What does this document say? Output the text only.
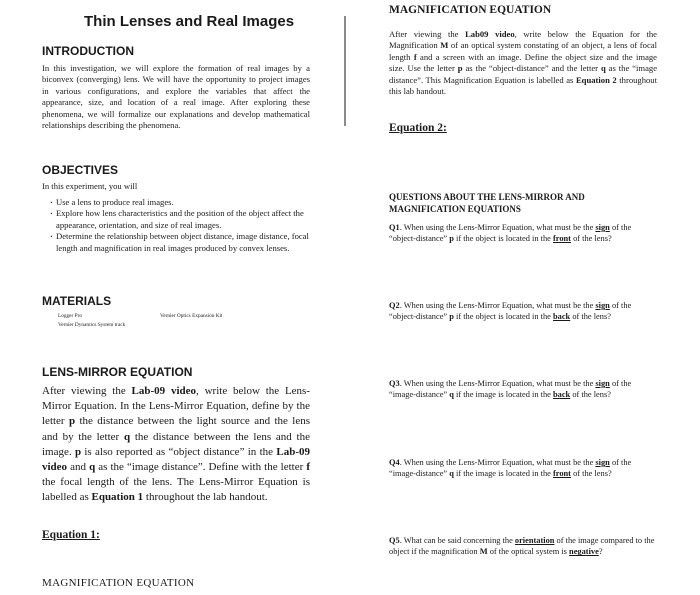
Thin Lenses and Real Images
INTRODUCTION
In this investigation, we will explore the formation of real images by a biconvex (converging) lens. We will have the opportunity to project images in various configurations, and explore the variables that affect the appearance, size, and location of a real image. After exploring these phenomena, we will formalize our explanations and develop mathematical relationships describing the phenomena.
OBJECTIVES
In this experiment, you will
· Use a lens to produce real images.
· Explore how lens characteristics and the position of the object affect the appearance, orientation, and size of real images.
· Determine the relationship between object distance, image distance, focal length and magnification in real images produced by convex lenses.
MATERIALS
Logger Pro
Vernier Dynamics System track
Vernier Optics Expansion Kit
LENS-MIRROR EQUATION
After viewing the Lab-09 video, write below the Lens-Mirror Equation. In the Lens-Mirror Equation, define by the letter p the distance between the light source and the lens and by the letter q the distance between the lens and the image. p is also reported as “object distance” in the Lab-09 video and q as the “image distance”. Define with the letter f the focal length of the lens. The Lens-Mirror Equation is labelled as Equation 1 throughout the lab handout.
Equation 1:
MAGNIFICATION EQUATION
MAGNIFICATION EQUATION
After viewing the Lab09 video, write below the Equation for the Magnification M of an optical system constating of an object, a lens of focal length f and a screen with an image. Define the object size and the image size. Use the letter p as the “object-distance” and the letter q as the “image distance”. This Magnification Equation is labelled as Equation 2 throughout this lab handout.
Equation 2:
QUESTIONS ABOUT THE LENS-MIRROR AND MAGNIFICATION EQUATIONS
Q1. When using the Lens-Mirror Equation, what must be the sign of the “object-distance” p if the object is located in the front of the lens?
Q2. When using the Lens-Mirror Equation, what must be the sign of the “object-distance” p if the object is located in the back of the lens?
Q3. When using the Lens-Mirror Equation, what must be the sign of the “image-distance” q if the image is located in the back of the lens?
Q4. When using the Lens-Mirror Equation, what must be the sign of the “image-distance” q if the image is located in the front of the lens?
Q5. What can be said concerning the orientation of the image compared to the object if the magnification M of the optical system is negative?
